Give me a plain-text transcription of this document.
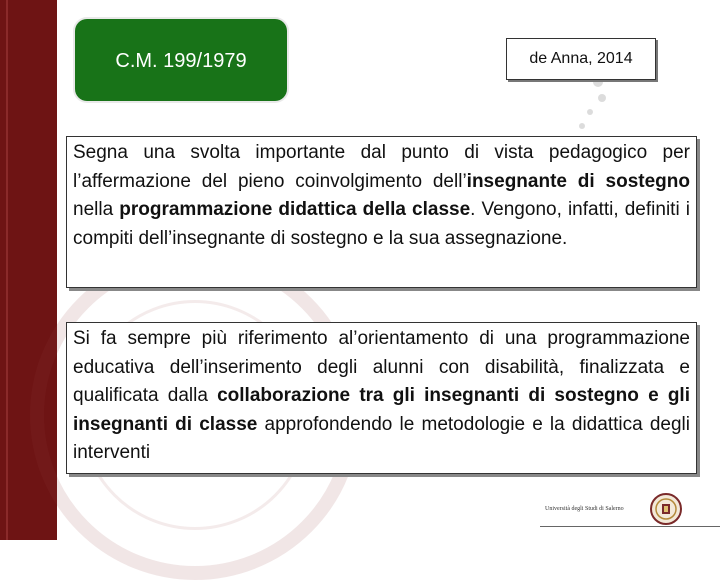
C.M. 199/1979	de Anna, 2014
Segna una svolta importante dal punto di vista pedagogico per l’affermazione del pieno coinvolgimento dell’insegnante di sostegno nella programmazione didattica della classe. Vengono, infatti, definiti i compiti dell’insegnante di sostegno e la sua assegnazione.
Si fa sempre più riferimento al’orientamento di una programmazione educativa dell’inserimento degli alunni con disabilità, finalizzata e qualificata dalla collaborazione tra gli insegnanti di sostegno e gli insegnanti di classe approfondendo le metodologie e la didattica degli interventi
Università degli Studi di Salerno
